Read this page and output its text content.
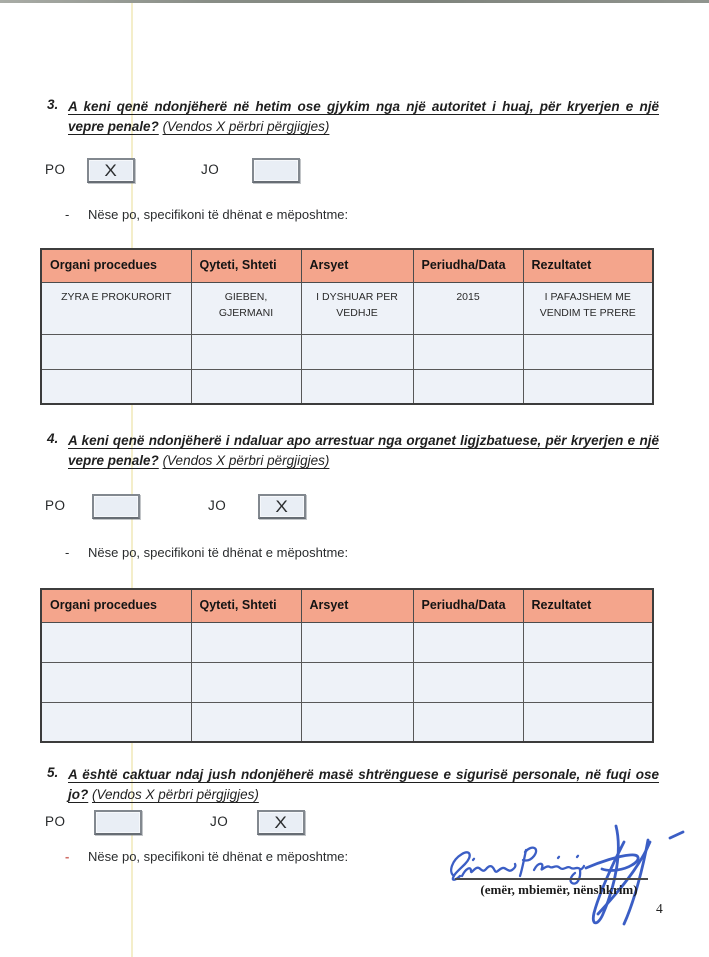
3. A keni qenë ndonjëherë në hetim ose gjykim nga një autoritet i huaj, për kryerjen e një vepre penale? (Vendos X përbri përgjigjes)
PO X	JO
- Nëse po, specifikoni të dhënat e mëposhtme:
Organi procedues	Qyteti, Shteti	Arsyet	Periudha/Data	Rezultatet
ZYRA E PROKURORIT	GIEBEN, GJERMANI	I DYSHUAR PER VEDHJE	2015	I PAFAJSHEM ME VENDIM TE PRERE

4. A keni qenë ndonjëherë i ndaluar apo arrestuar nga organet ligjzbatuese, për kryerjen e një vepre penale? (Vendos X përbri përgjigjes)
PO	JO	X
- Nëse po, specifikoni të dhënat e mëposhtme:
Organi procedues	Qyteti, Shteti	Arsyet	Periudha/Data	Rezultatet

5. A është caktuar ndaj jush ndonjëherë masë shtrënguese e sigurisë personale, në fuqi ose jo? (Vendos X përbri përgjigjes)
PO	JO	X
- Nëse po, specifikoni të dhënat e mëposhtme:
(emër, mbiemër, nënshkrim)
4
